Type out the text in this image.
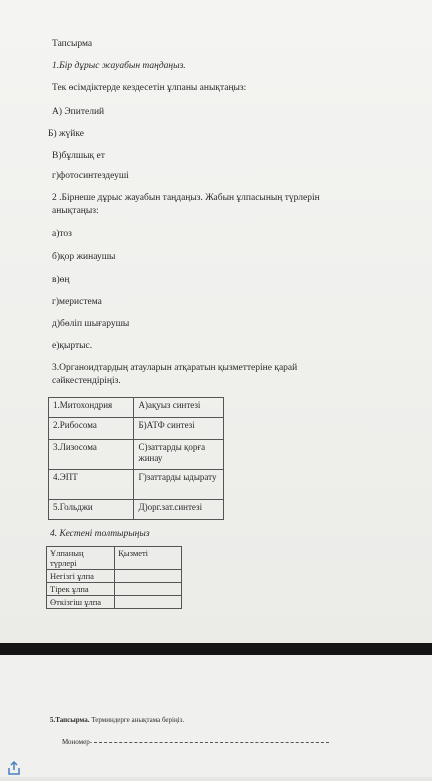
Тапсырма
1.Бір дұрыс жауабын таңдаңыз.
Тек өсімдіктерде кездесетін ұлпаны анықтаңыз:
А) Эпителий
Б) жүйке
В)бұлшық ет
г)фотосинтездеуші
2 .Бірнеше дұрыс жауабын таңдаңыз. Жабын ұлпасының түрлерін
анықтаңыз:
а)тоз
б)қор жинаушы
в)өң
г)меристема
д)бөліп шығарушы
е)қыртыс.
3.Органоидтардың атауларын атқаратын қызметтеріне қарай
сәйкестендіріңіз.
1.Митохондрия	А)ақуыз синтезі
2.Рибосома	Б)АТФ синтезі
3.Лизосома	С)заттарды қорға жинау
4.ЭПТ	Г)заттарды ыдырату
5.Гольджи	Д)орг.зат.синтезі
4. Кестені толтырыңыз
Ұлпаның түрлері	Қызметі
Негізгі ұлпа	
Тірек ұлпа	
Өткізгіш ұлпа	
5.Тапсырма. Терминдерге анықтама беріңіз.
Мономер-
